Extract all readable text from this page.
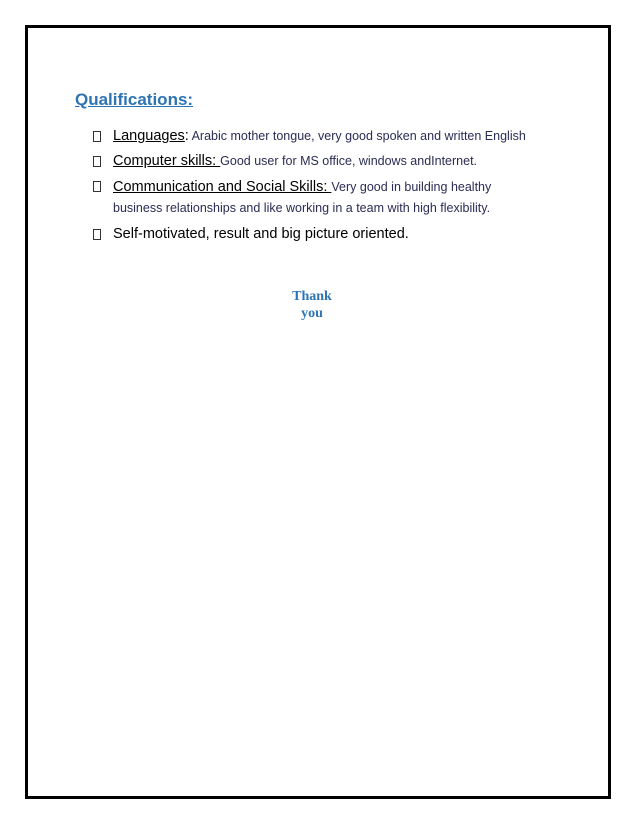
Qualifications:
Languages: Arabic mother tongue, very good spoken and written English
Computer skills: Good user for MS office, windows andInternet.
Communication and Social Skills: Very good in building healthy business relationships and like working in a team with high flexibility.
Self-motivated, result and big picture oriented.
Thank
you
